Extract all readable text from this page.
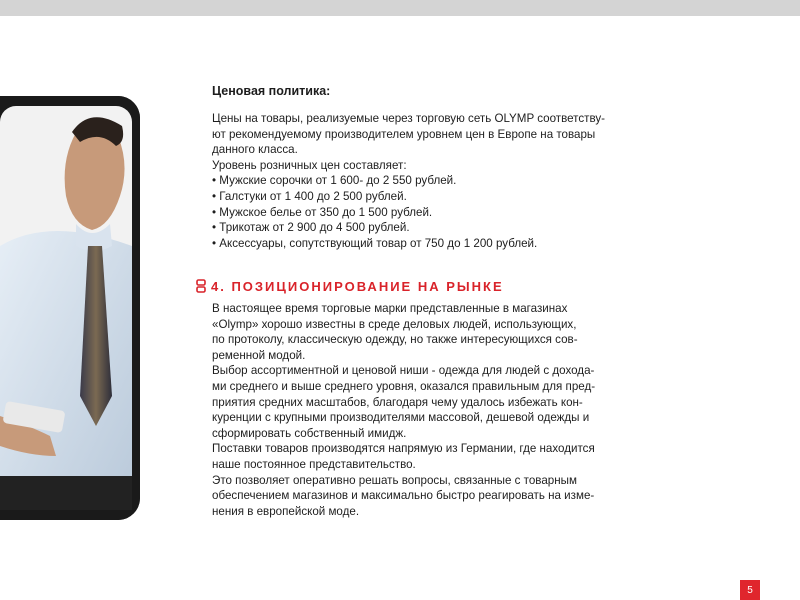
Ценовая политика:
Цены на товары, реализуемые через торговую сеть OLYMP соответству-
ют рекомендуемому производителем уровнем цен в Европе на товары
данного класса.
Уровень розничных цен составляет:
• Мужские сорочки от 1 600- до 2 550 рублей.
• Галстуки от 1 400 до 2 500 рублей.
• Мужское белье от 350 до 1 500 рублей.
• Трикотаж от 2 900 до 4 500 рублей.
• Аксессуары, сопутствующий товар от 750 до 1 200 рублей.
4. ПОЗИЦИОНИРОВАНИЕ НА РЫНКЕ
В настоящее время торговые марки представленные в магазинах
«Olymp» хорошо известны в среде деловых людей, использующих,
по протоколу, классическую одежду, но также интересующихся сов-
ременной модой.
Выбор ассортиментной и ценовой ниши - одежда для людей с дохода-
ми среднего и выше среднего уровня, оказался правильным для пред-
приятия средних масштабов, благодаря чему удалось избежать кон-
куренции с крупными производителями массовой, дешевой одежды и
сформировать собственный имидж.
Поставки товаров производятся напрямую из Германии, где находится
наше постоянное представительство.
Это позволяет оперативно решать вопросы, связанные с товарным
обеспечением магазинов и максимально быстро реагировать на изме-
нения в европейской моде.
5
